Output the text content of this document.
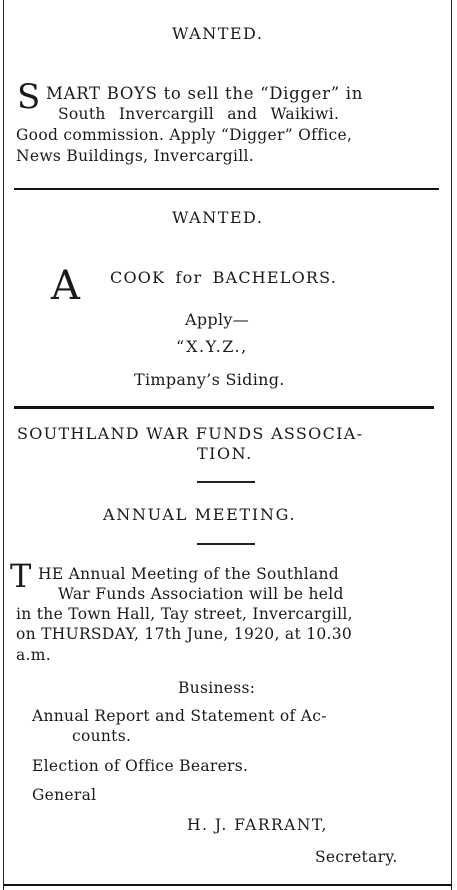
WANTED.
S MART BOYS to sell the “Digger” in
South Invercargill and Waikiwi.
Good commission. Apply “Digger” Office,
News Buildings, Invercargill.
WANTED.
A COOK for BACHELORS.
Apply—
“X.Y.Z.,
Timpany’s Siding.
SOUTHLAND WAR FUNDS ASSOCIA-
TION.
ANNUAL MEETING.
T HE Annual Meeting of the Southland
War Funds Association will be held
in the Town Hall, Tay street, Invercargill,
on THURSDAY, 17th June, 1920, at 10.30
a.m.
Business:
Annual Report and Statement of Ac-
counts.
Election of Office Bearers.
General
H. J. FARRANT,
Secretary.
